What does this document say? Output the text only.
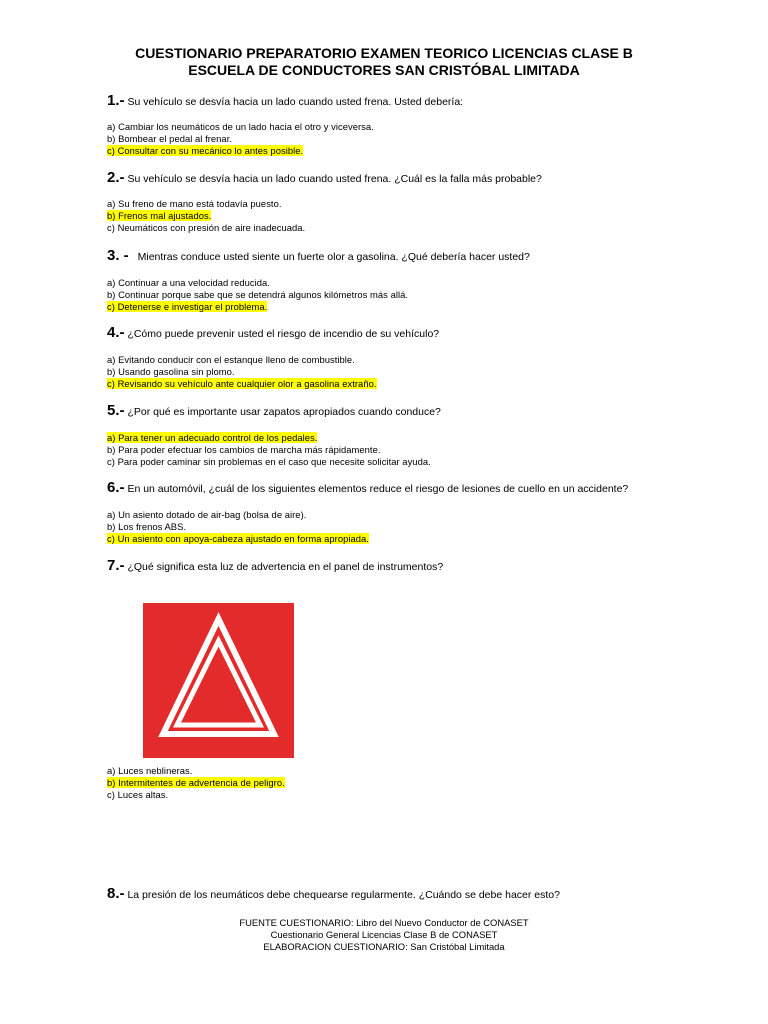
CUESTIONARIO PREPARATORIO EXAMEN TEORICO LICENCIAS CLASE B
ESCUELA DE CONDUCTORES SAN CRISTÓBAL LIMITADA
1.- Su vehículo se desvía hacia un lado cuando usted frena. Usted debería:
a) Cambiar los neumáticos de un lado hacia el otro y viceversa.
b) Bombear el pedal al frenar.
c) Consultar con su mecánico lo antes posible.
2.- Su vehículo se desvía hacia un lado cuando usted frena. ¿Cuál es la falla más probable?
a) Su freno de mano está todavía puesto.
b) Frenos mal ajustados.
c) Neumáticos con presión de aire inadecuada.
3. - Mientras conduce usted siente un fuerte olor a gasolina. ¿Qué debería hacer usted?
a) Continuar a una velocidad reducida.
b) Continuar porque sabe que se detendrá algunos kilómetros más allá.
c) Detenerse e investigar el problema.
4.- ¿Cómo puede prevenir usted el riesgo de incendio de su vehículo?
a) Evitando conducir con el estanque lleno de combustible.
b) Usando gasolina sin plomo.
c) Revisando su vehículo ante cualquier olor a gasolina extraño.
5.- ¿Por qué es importante usar zapatos apropiados cuando conduce?
a) Para tener un adecuado control de los pedales.
b) Para poder efectuar los cambios de marcha más rápidamente.
c) Para poder caminar sin problemas en el caso que necesite solicitar ayuda.
6.- En un automóvil, ¿cuál de los siguientes elementos reduce el riesgo de lesiones de cuello en un accidente?
a) Un asiento dotado de air-bag (bolsa de aire).
b) Los frenos ABS.
c) Un asiento con apoya-cabeza ajustado en forma apropiada.
7.- ¿Qué significa esta luz de advertencia en el panel de instrumentos?
a) Luces neblineras.
b) Intermitentes de advertencia de peligro.
c) Luces altas.
8.- La presión de los neumáticos debe chequearse regularmente. ¿Cuándo se debe hacer esto?
FUENTE CUESTIONARIO: Libro del Nuevo Conductor de CONASET
Cuestionario General Licencias Clase B de CONASET
ELABORACION CUESTIONARIO: San Cristóbal Limitada
